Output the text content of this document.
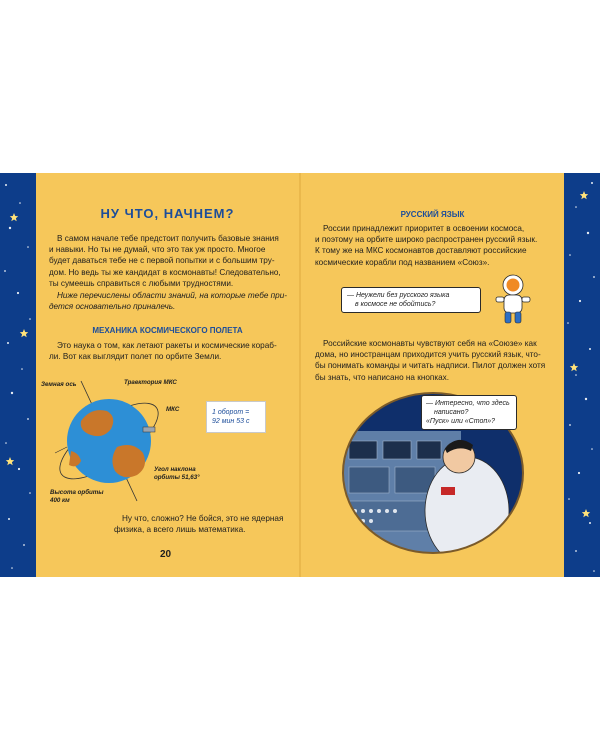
НУ ЧТО, НАЧНЕМ?

В самом начале тебе предстоит получить базовые знания
и навыки. Но ты не думай, что это так уж просто. Многое
будет даваться тебе не с первой попытки и с большим тру-
дом. Но ведь ты же кандидат в космонавты! Следовательно,
ты сумеешь справиться с любыми трудностями.

Ниже перечислены области знаний, на которые тебе при-
дется основательно приналечь.

МЕХАНИКА КОСМИЧЕСКОГО ПОЛЕТА

Это наука о том, как летают ракеты и космические кораб-
ли. Вот как выглядит полет по орбите Земли.

Земная ось	Траектория МКС
МКС
Угол наклона
орбиты 51,63°
Высота орбиты
400 км
1 оборот =
92 мин 53 с

Ну что, сложно? Не бойся, это не ядерная
физика, а всего лишь математика.

20
РУССКИЙ ЯЗЫК

России принадлежит приоритет в освоении космоса,
и поэтому на орбите широко распространен русский язык.
К тому же на МКС космонавтов доставляют российские
космические корабли под названием «Союз».

— Неужели без русского языка
в космосе не обойтись?

Российские космонавты чувствуют себя на «Союзе» как
дома, но иностранцам приходится учить русский язык, что-
бы понимать команды и читать надписи. Пилот должен хотя
бы знать, что написано на кнопках.

— Интересно, что здесь
написано?
«Пуск» или «Стоп»?
